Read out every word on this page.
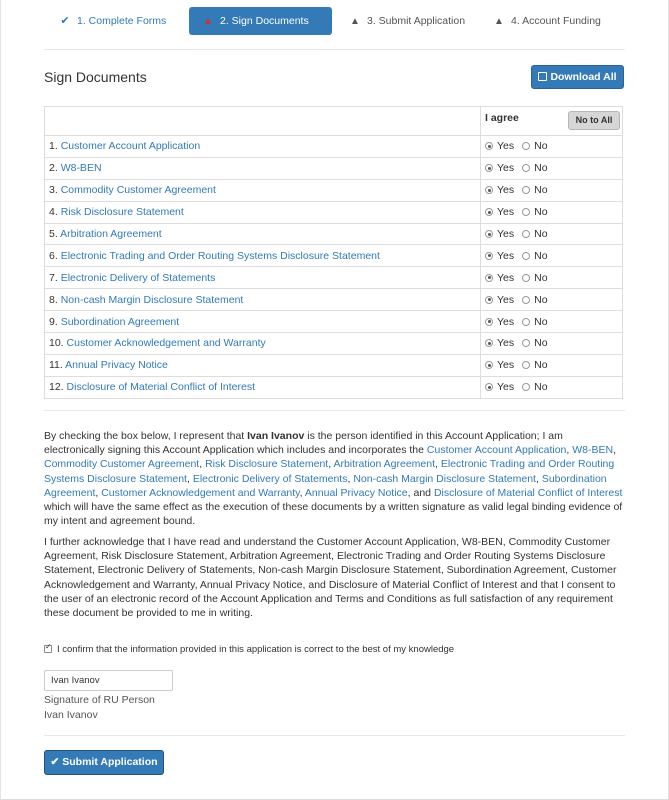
✔ 1. Complete Forms	▲ 2. Sign Documents	▲ 3. Submit Application	▲ 4. Account Funding
Sign Documents	Download All
	I agree No to All

1. Customer Account Application	Yes No
2. W8-BEN	Yes No
3. Commodity Customer Agreement	Yes No
4. Risk Disclosure Statement	Yes No
5. Arbitration Agreement	Yes No
6. Electronic Trading and Order Routing Systems Disclosure Statement	Yes No
7. Electronic Delivery of Statements	Yes No
8. Non-cash Margin Disclosure Statement	Yes No
9. Subordination Agreement	Yes No
10. Customer Acknowledgement and Warranty	Yes No
11. Annual Privacy Notice	Yes No
12. Disclosure of Material Conflict of Interest	Yes No
By checking the box below, I represent that Ivan Ivanov is the person identified in this Account Application; I am electronically signing this Account Application which includes and incorporates the Customer Account Application, W8-BEN, Commodity Customer Agreement, Risk Disclosure Statement, Arbitration Agreement, Electronic Trading and Order Routing Systems Disclosure Statement, Electronic Delivery of Statements, Non-cash Margin Disclosure Statement, Subordination Agreement, Customer Acknowledgement and Warranty, Annual Privacy Notice, and Disclosure of Material Conflict of Interest which will have the same effect as the execution of these documents by a written signature as valid legal binding evidence of my intent and agreement bound.
I further acknowledge that I have read and understand the Customer Account Application, W8-BEN, Commodity Customer Agreement, Risk Disclosure Statement, Arbitration Agreement, Electronic Trading and Order Routing Systems Disclosure Statement, Electronic Delivery of Statements, Non-cash Margin Disclosure Statement, Subordination Agreement, Customer Acknowledgement and Warranty, Annual Privacy Notice, and Disclosure of Material Conflict of Interest and that I consent to the user of an electronic record of the Account Application and Terms and Conditions as full satisfaction of any requirement these document be provided to me in writing.
✓I confirm that the information provided in this application is correct to the best of my knowledge
Ivan Ivanov
Signature of RU Person
Ivan Ivanov
✔ Submit Application
